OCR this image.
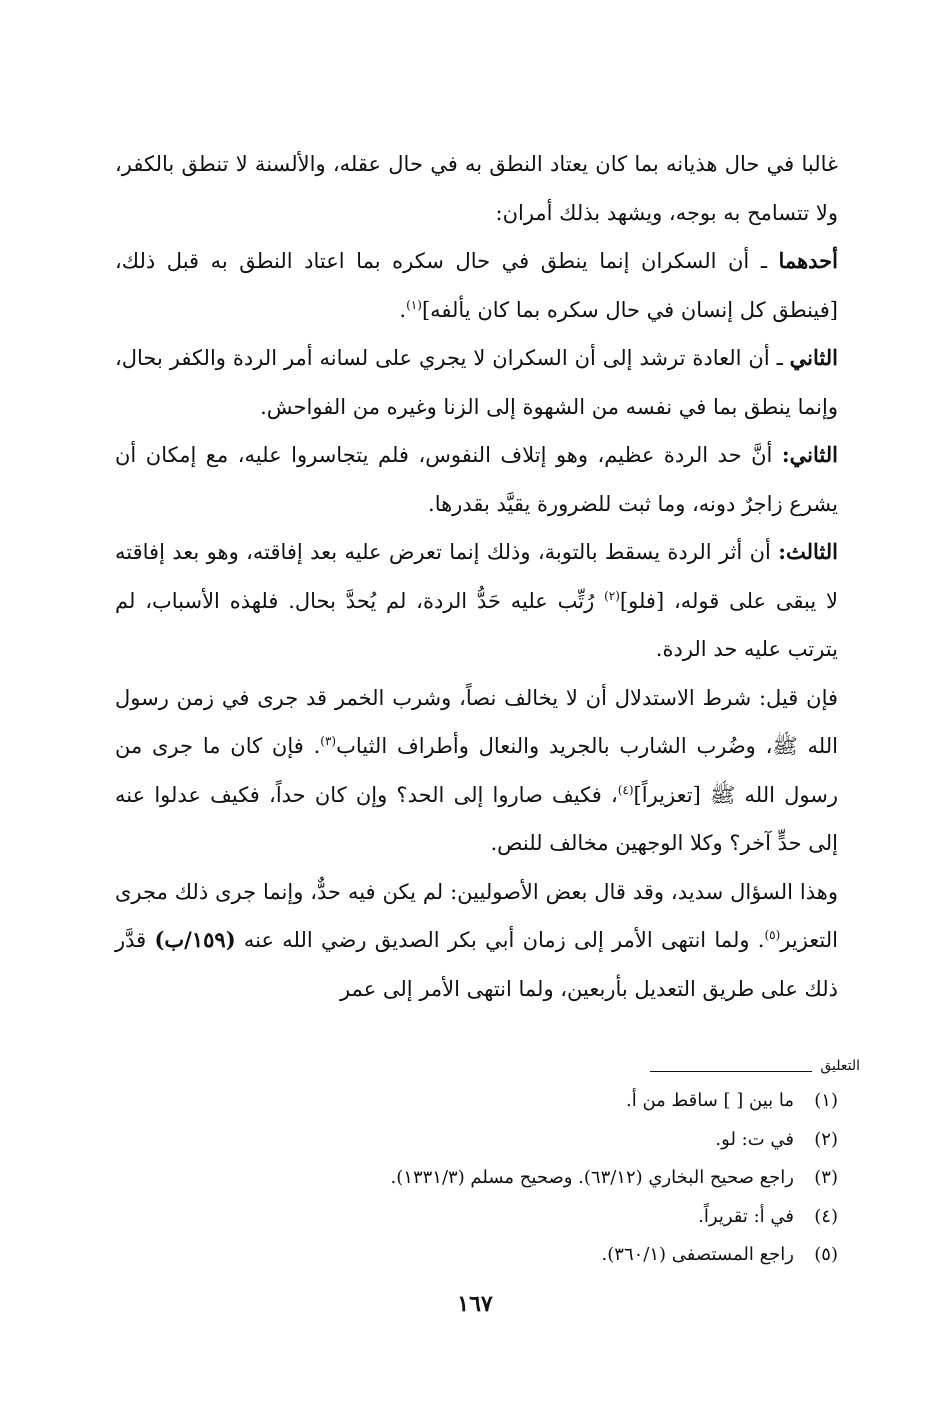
غالبا في حال هذيانه بما كان يعتاد النطق به في حال عقله، والألسنة لا تنطق بالكفر، ولا تتسامح به بوجه، ويشهد بذلك أمران:

أحدهما ـ أن السكران إنما ينطق في حال سكره بما اعتاد النطق به قبل ذلك، [فينطق كل إنسان في حال سكره بما كان يألفه]$^{(١)}$.

الثاني ـ أن العادة ترشد إلى أن السكران لا يجري على لسانه أمر الردة والكفر بحال، وإنما ينطق بما في نفسه من الشهوة إلى الزنا وغيره من الفواحش.

الثاني: أنَّ حد الردة عظيم، وهو إتلاف النفوس، فلم يتجاسروا عليه، مع إمكان أن يشرع زاجرٌ دونه، وما ثبت للضرورة يقيَّد بقدرها.

الثالث: أن أثر الردة يسقط بالتوبة، وذلك إنما تعرض عليه بعد إفاقته، وهو بعد إفاقته لا يبقى على قوله، [فلو]$^{(٢)}$ رُتِّب عليه حَدُّ الردة، لم يُحدَّ بحال. فلهذه الأسباب، لم يترتب عليه حد الردة.

فإن قيل: شرط الاستدلال أن لا يخالف نصاً، وشرب الخمر قد جرى في زمن رسول الله ﷺ، وضُرب الشارب بالجريد والنعال وأطراف الثياب$^{(٣)}$. فإن كان ما جرى من رسول الله ﷺ [تعزيراً]$^{(٤)}$، فكيف صاروا إلى الحد؟ وإن كان حداً، فكيف عدلوا عنه إلى حدٍّ آخر؟ وكلا الوجهين مخالف للنص.

وهذا السؤال سديد، وقد قال بعض الأصوليين: لم يكن فيه حدٌّ، وإنما جرى ذلك مجرى التعزير$^{(٥)}$. ولما انتهى الأمر إلى زمان أبي بكر الصديق رضي الله عنه (١٥٩/ب) قدَّر ذلك على طريق التعديل بأربعين، ولما انتهى الأمر إلى عمر

التعليق
(١)
ما بين [ ] ساقط من أ.
(٢)
في ت: لو.
(٣)
راجع صحيح البخاري (٦٣/١٢). وصحيح مسلم (١٣٣١/٣).
(٤)
في أ: تقريراً.
(٥)
راجع المستصفى (٣٦٠/١).
١٦٧
